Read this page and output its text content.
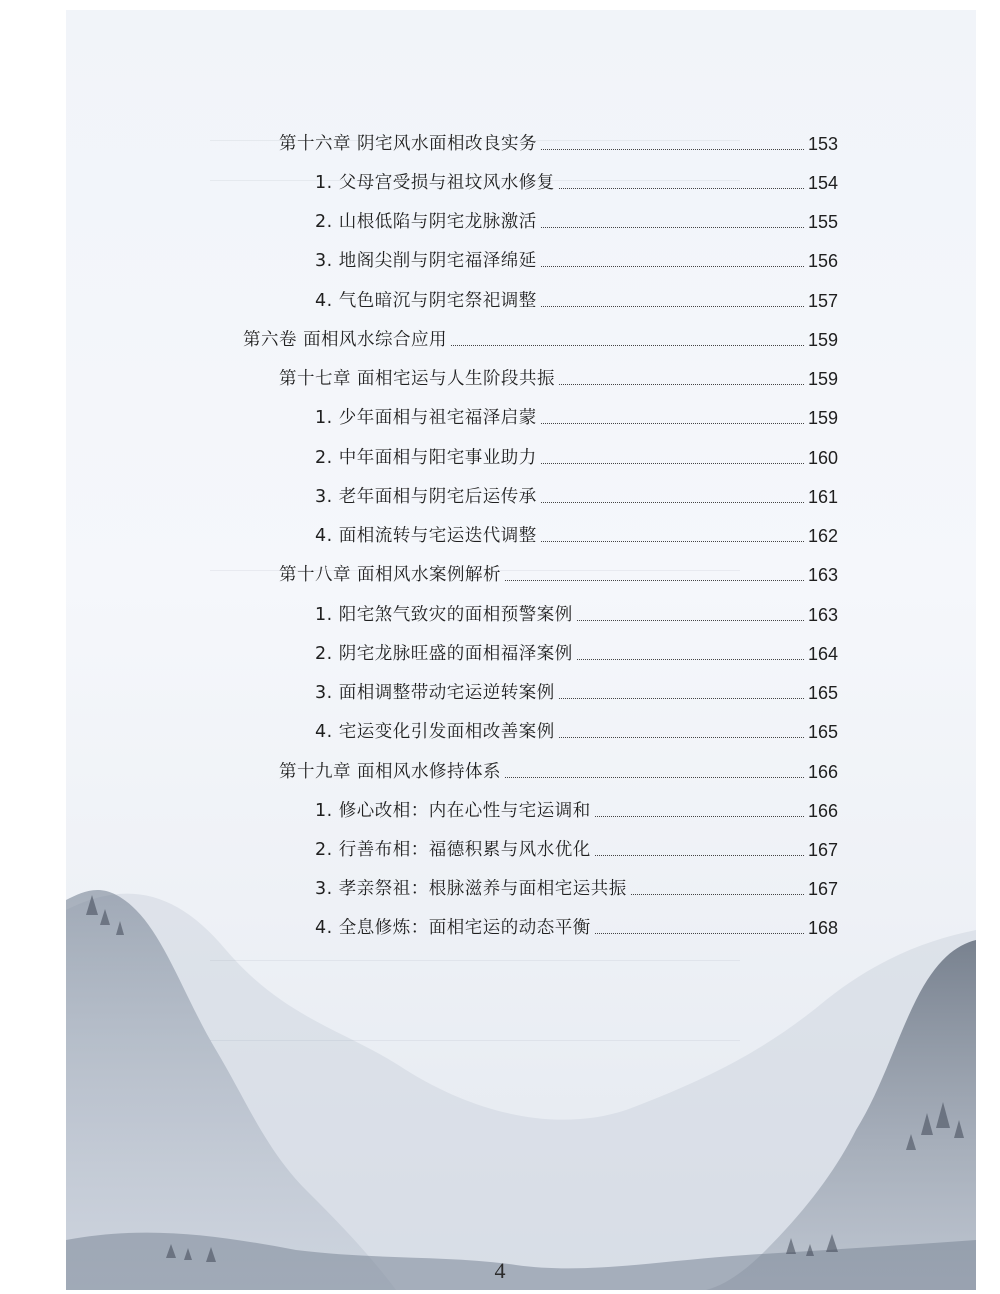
第十六章 阴宅风水面相改良实务	153
1. 父母宫受损与祖坟风水修复	154
2. 山根低陷与阴宅龙脉激活	155
3. 地阁尖削与阴宅福泽绵延	156
4. 气色暗沉与阴宅祭祀调整	157
第六卷 面相风水综合应用	159
第十七章 面相宅运与人生阶段共振	159
1. 少年面相与祖宅福泽启蒙	159
2. 中年面相与阳宅事业助力	160
3. 老年面相与阴宅后运传承	161
4. 面相流转与宅运迭代调整	162
第十八章 面相风水案例解析	163
1. 阳宅煞气致灾的面相预警案例	163
2. 阴宅龙脉旺盛的面相福泽案例	164
3. 面相调整带动宅运逆转案例	165
4. 宅运变化引发面相改善案例	165
第十九章 面相风水修持体系	166
1. 修心改相：内在心性与宅运调和	166
2. 行善布相：福德积累与风水优化	167
3. 孝亲祭祖：根脉滋养与面相宅运共振	167
4. 全息修炼：面相宅运的动态平衡	168
4
